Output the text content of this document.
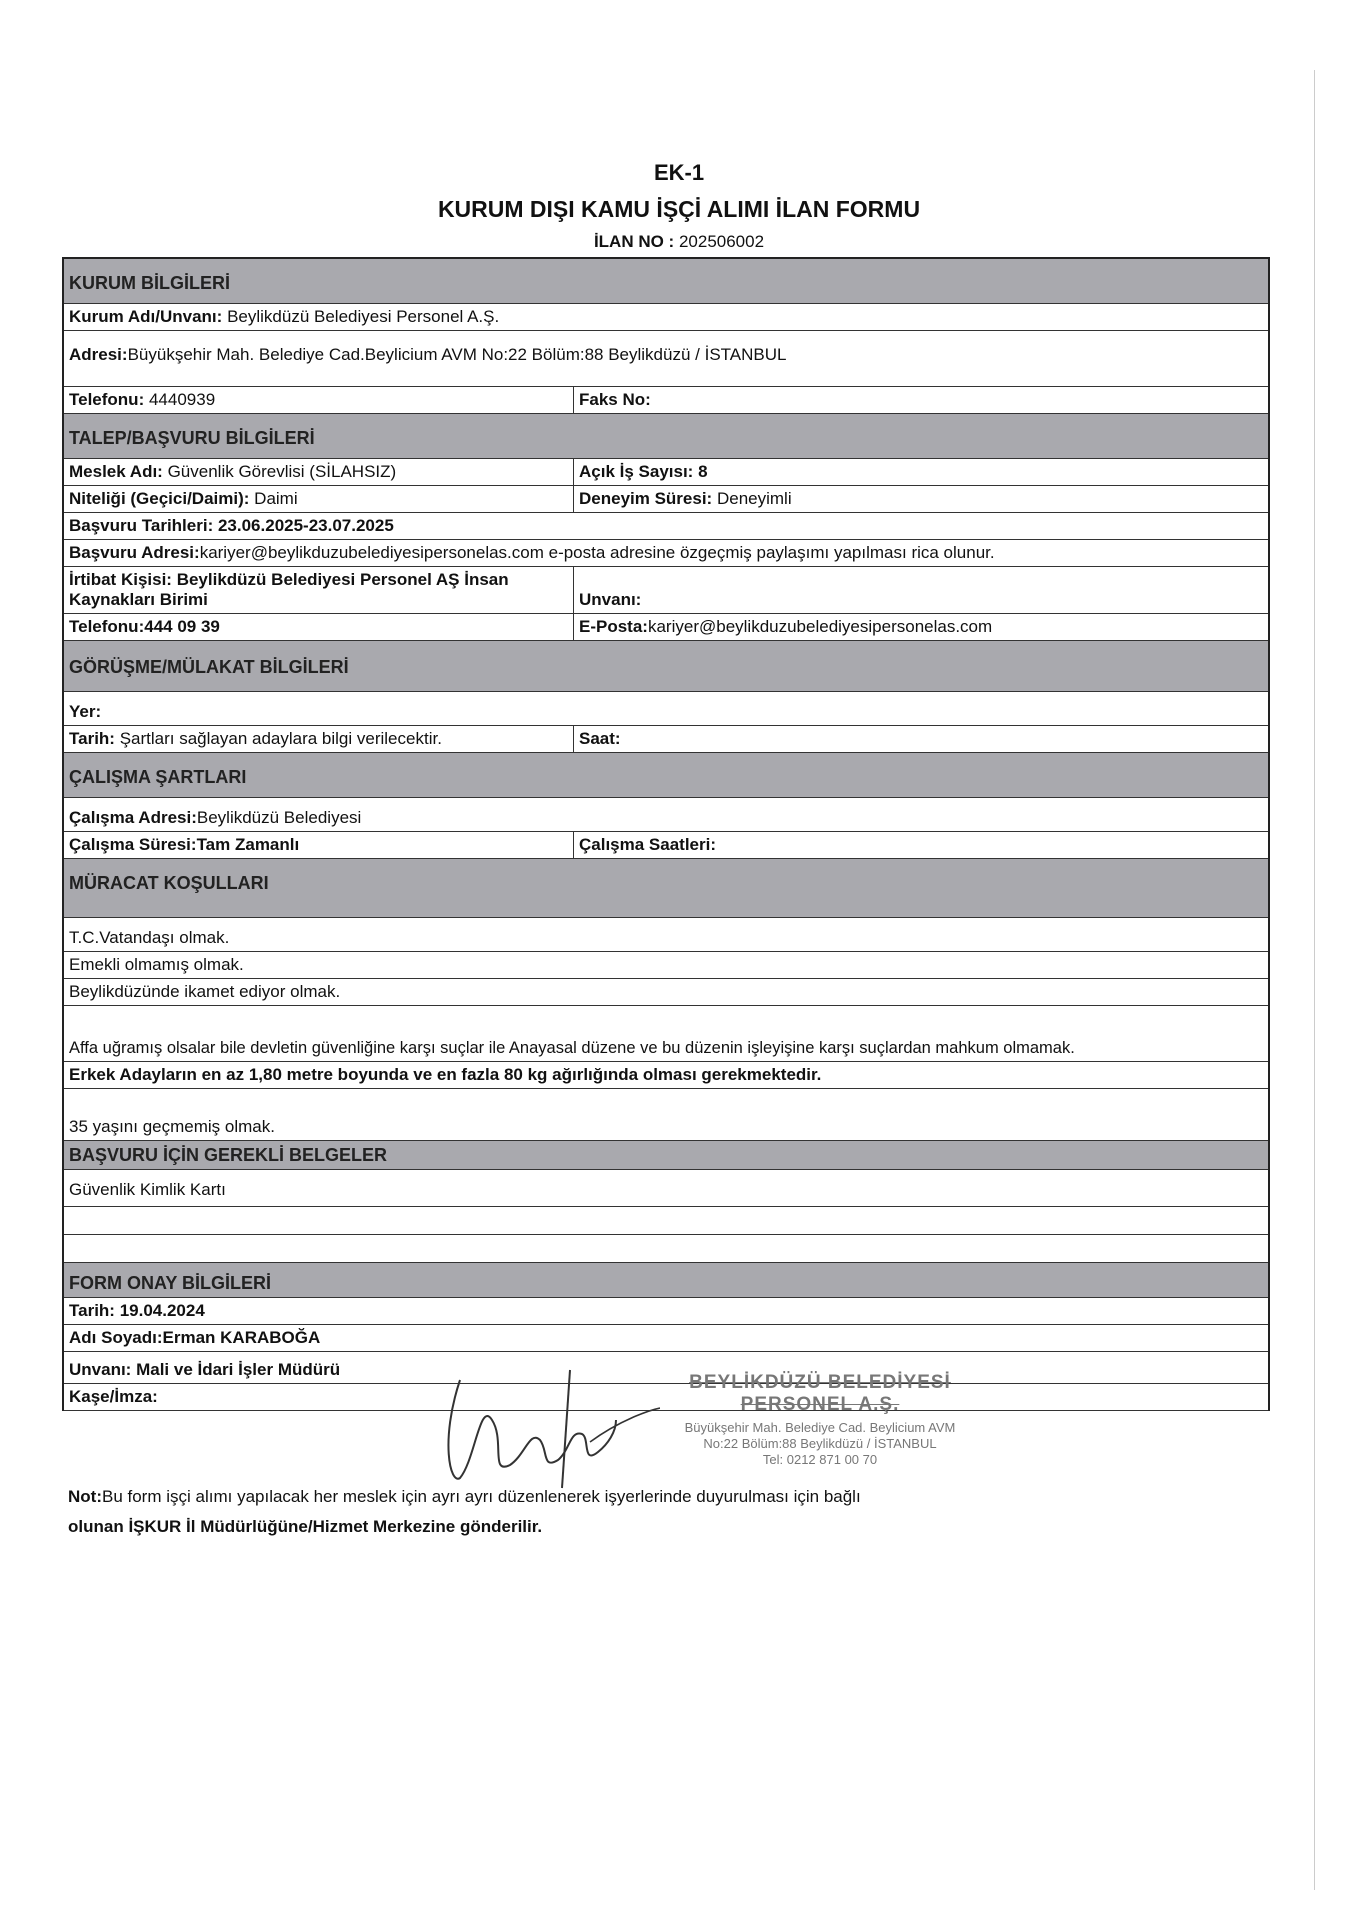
EK-1
KURUM DIŞI KAMU İŞÇİ ALIMI İLAN FORMU
İLAN NO : 202506002
KURUM BİLGİLERİ
Kurum Adı/Unvanı: Beylikdüzü Belediyesi Personel A.Ş.
Adresi:Büyükşehir Mah. Belediye Cad.Beylicium AVM No:22 Bölüm:88 Beylikdüzü / İSTANBUL
Telefonu: 4440939	Faks No:
TALEP/BAŞVURU BİLGİLERİ
Meslek Adı: Güvenlik Görevlisi (SİLAHSIZ)	Açık İş Sayısı: 8
Niteliği (Geçici/Daimi): Daimi	Deneyim Süresi: Deneyimli
Başvuru Tarihleri: 23.06.2025-23.07.2025
Başvuru Adresi:kariyer@beylikduzubelediyesipersonelas.com e-posta adresine özgeçmiş paylaşımı yapılması rica olunur.
İrtibat Kişisi: Beylikdüzü Belediyesi Personel AŞ İnsan Kaynakları Birimi	Unvanı:
Telefonu:444 09 39	E-Posta:kariyer@beylikduzubelediyesipersonelas.com
GÖRÜŞME/MÜLAKAT BİLGİLERİ
Yer:
Tarih: Şartları sağlayan adaylara bilgi verilecektir.	Saat:
ÇALIŞMA ŞARTLARI
Çalışma Adresi:Beylikdüzü Belediyesi
Çalışma Süresi:Tam Zamanlı	Çalışma Saatleri:
MÜRACAT KOŞULLARI
T.C.Vatandaşı olmak.
Emekli olmamış olmak.
Beylikdüzünde ikamet ediyor olmak.
Affa uğramış olsalar bile devletin güvenliğine karşı suçlar ile Anayasal düzene ve bu düzenin işleyişine karşı suçlardan mahkum olmamak.
Erkek Adayların en az 1,80 metre boyunda ve en fazla 80 kg ağırlığında olması gerekmektedir.
35 yaşını geçmemiş olmak.
BAŞVURU İÇİN GEREKLİ BELGELER
Güvenlik Kimlik Kartı
FORM ONAY BİLGİLERİ
Tarih: 19.04.2024
Adı Soyadı:Erman KARABOĞA
Unvanı: Mali ve İdari İşler Müdürü
Kaşe/İmza:
BEYLİKDÜZÜ BELEDİYESİ
PERSONEL A.Ş.
Büyükşehir Mah. Belediye Cad. Beylicium AVM
No:22 Bölüm:88 Beylikdüzü / İSTANBUL
Tel: 0212 871 00 70
Not:Bu form işçi alımı yapılacak her meslek için ayrı ayrı düzenlenerek işyerlerinde duyurulması için bağlı
olunan İŞKUR İl Müdürlüğüne/Hizmet Merkezine gönderilir.
